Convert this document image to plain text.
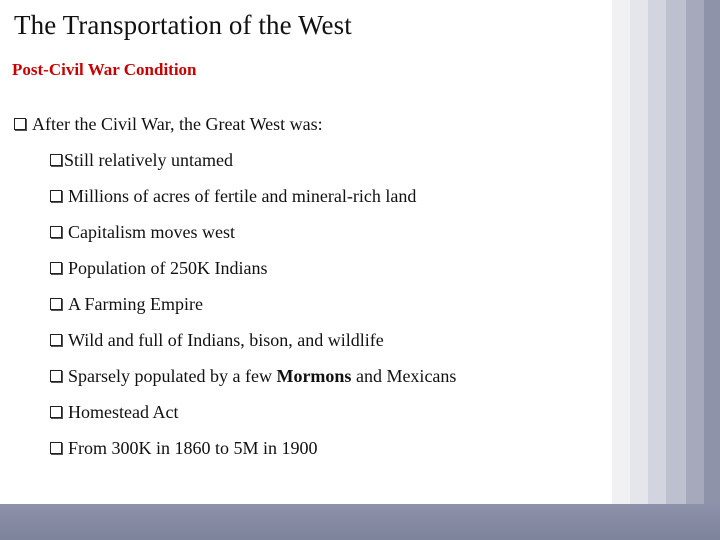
The Transportation of the West
Post-Civil War Condition
After the Civil War, the Great West was:
Still relatively untamed
Millions of acres of fertile and mineral-rich land
Capitalism moves west
Population of 250K Indians
A Farming Empire
Wild and full of Indians, bison, and wildlife
Sparsely populated by a few Mormons and Mexicans
Homestead Act
From 300K in 1860 to 5M in 1900
